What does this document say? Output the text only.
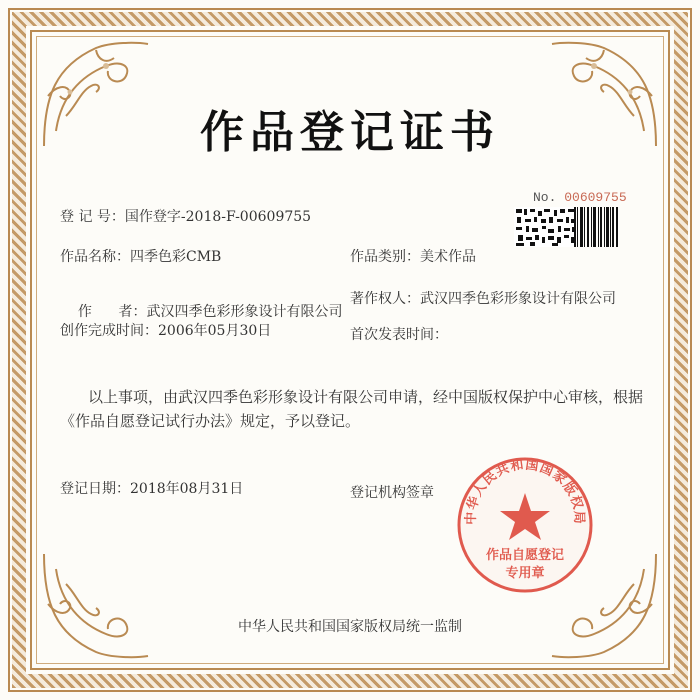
作品登记证书
No. 00609755
登 记 号：国作登字-2018-F-00609755
作品名称：四季色彩CMB	作品类别：美术作品

作      者：武汉四季色彩形象设计有限公司

著作权人：武汉四季色彩形象设计有限公司
创作完成时间：2006年05月30日	首次发表时间：
以上事项，由武汉四季色彩形象设计有限公司申请，经中国版权保护中心审核，根据《作品自愿登记试行办法》规定，予以登记。
登记日期：2018年08月31日	登记机构签章
中华人民共和国国家版权局
作品自愿登记
专用章
中华人民共和国国家版权局统一监制
